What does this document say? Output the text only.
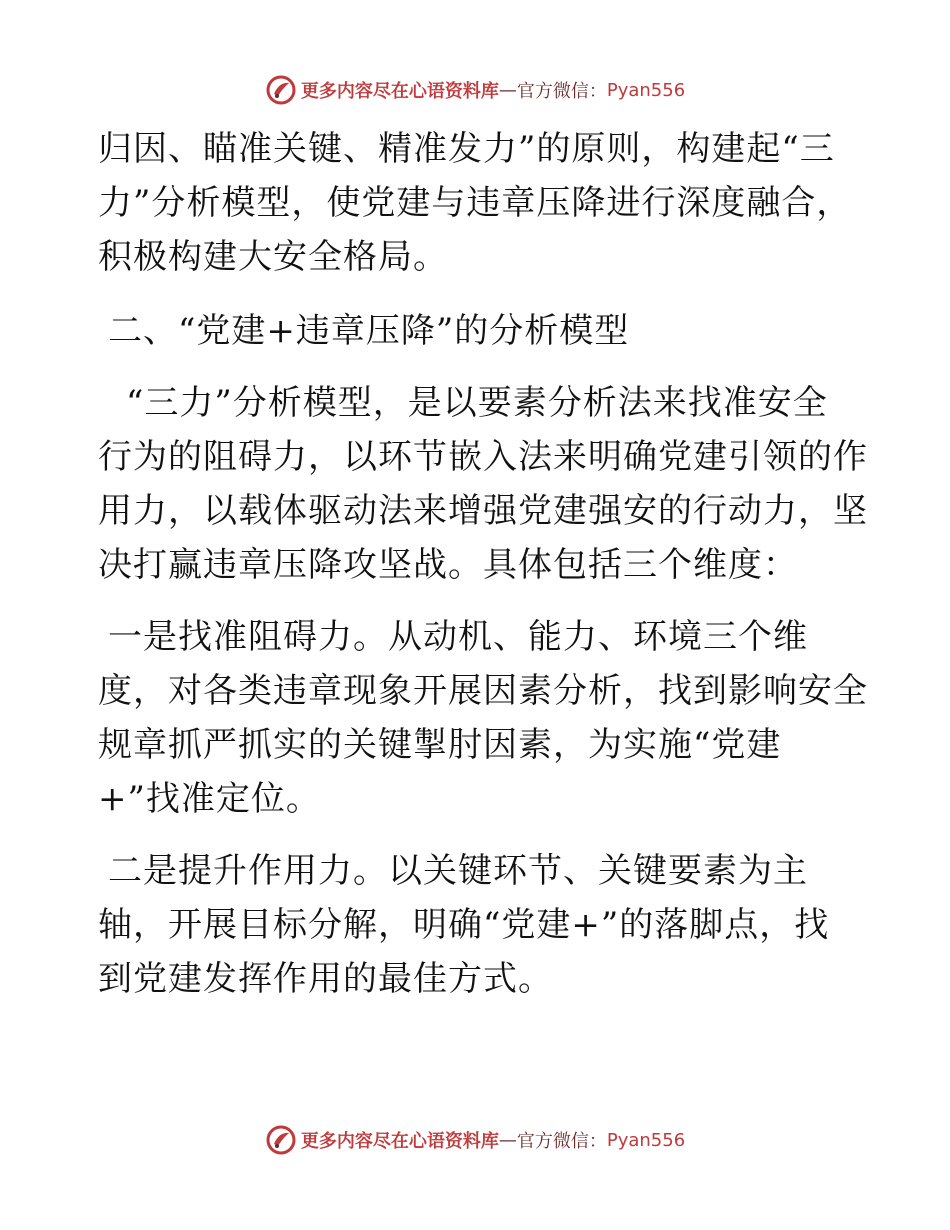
更多内容尽在心语资料库 — 官方微信： Pyan556
归因、瞄准关键、精准发力”的原则，构建起“三
力”分析模型，使党建与违章压降进行深度融合，
积极构建大安全格局。
二、“党建+违章压降”的分析模型
“三力”分析模型，是以要素分析法来找准安全
行为的阻碍力，以环节嵌入法来明确党建引领的作
用力，以载体驱动法来增强党建强安的行动力，坚
决打赢违章压降攻坚战。具体包括三个维度：
一是找准阻碍力。从动机、能力、环境三个维
度，对各类违章现象开展因素分析，找到影响安全
规章抓严抓实的关键掣肘因素，为实施“党建
+”找准定位。
二是提升作用力。以关键环节、关键要素为主
轴，开展目标分解，明确“党建+”的落脚点，找
到党建发挥作用的最佳方式。
更多内容尽在心语资料库 — 官方微信： Pyan556
